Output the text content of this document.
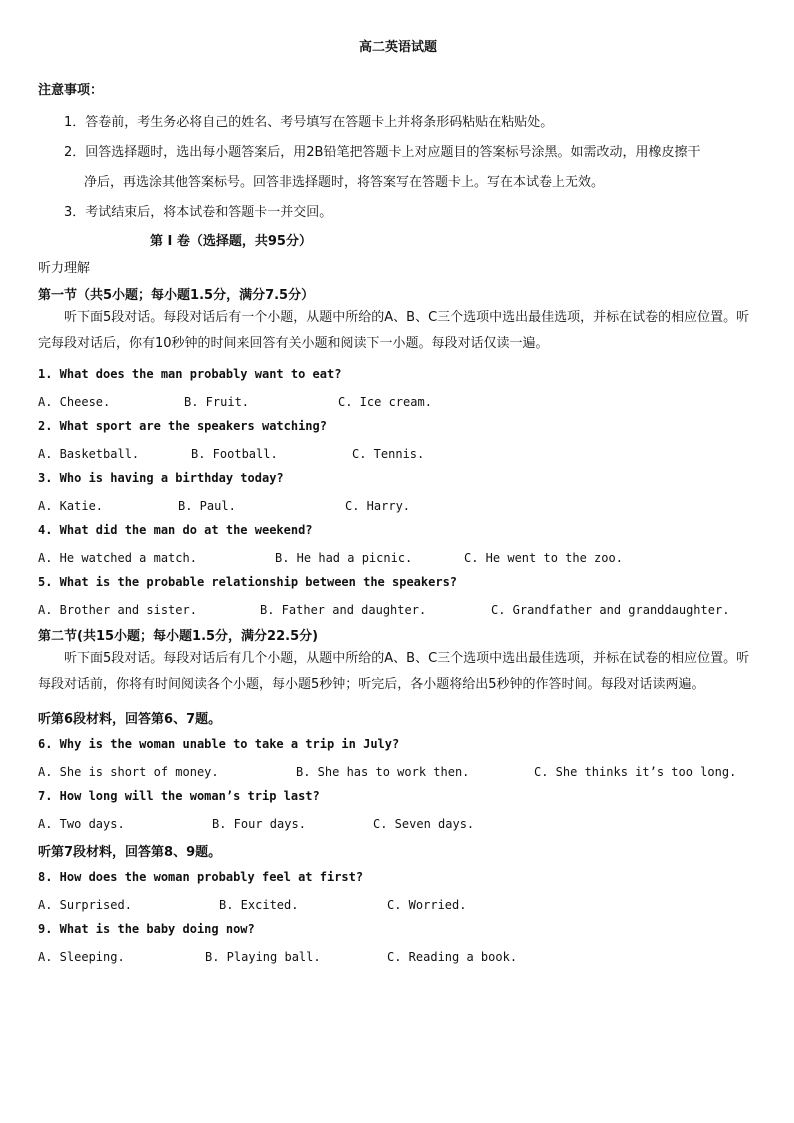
高二英语试题
注意事项：
1．答卷前，考生务必将自己的姓名、考号填写在答题卡上并将条形码粘贴在粘贴处。
2．回答选择题时，选出每小题答案后，用2B铅笔把答题卡上对应题目的答案标号涂黑。如需改动，用橡皮擦干
净后，再选涂其他答案标号。回答非选择题时，将答案写在答题卡上。写在本试卷上无效。
3．考试结束后，将本试卷和答题卡一并交回。
第 Ⅰ 卷（选择题，共95分）
听力理解
第一节（共5小题；每小题1.5分，满分7.5分）
听下面5段对话。每段对话后有一个小题，从题中所给的A、B、C三个选项中选出最佳选项，并标在试卷的相应位置。听完每段对话后，你有10秒钟的时间来回答有关小题和阅读下一小题。每段对话仅读一遍。
1. What does the man probably want to eat?
A. Cheese.	B. Fruit.	C. Ice cream.
2. What sport are the speakers watching?
A. Basketball.	B. Football.	C. Tennis.
3. Who is having a birthday today?
A. Katie.	B. Paul.	C. Harry.
4. What did the man do at the weekend?
A. He watched a match.	B. He had a picnic.	C. He went to the zoo.
5. What is the probable relationship between the speakers?
A. Brother and sister.	B. Father and daughter.	C. Grandfather and granddaughter.
第二节(共15小题；每小题1.5分，满分22.5分)
听下面5段对话。每段对话后有几个小题，从题中所给的A、B、C三个选项中选出最佳选项，并标在试卷的相应位置。听每段对话前，你将有时间阅读各个小题，每小题5秒钟；听完后，各小题将给出5秒钟的作答时间。每段对话读两遍。
听第6段材料，回答第6、7题。
6. Why is the woman unable to take a trip in July?
A. She is short of money.	B. She has to work then.	C. She thinks it’s too long.
7. How long will the woman’s trip last?
A. Two days.	B. Four days.	C. Seven days.
听第7段材料，回答第8、9题。
8. How does the woman probably feel at first?
A. Surprised.	B. Excited.	C. Worried.
9. What is the baby doing now?
A. Sleeping.	B. Playing ball.	C. Reading a book.
